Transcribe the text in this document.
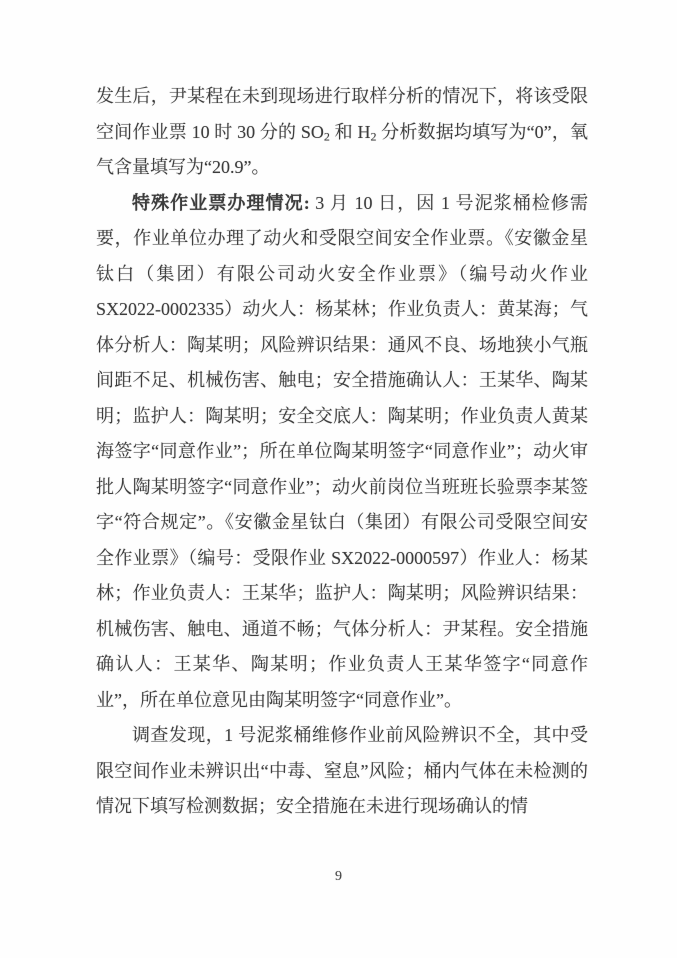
发生后，尹某程在未到现场进行取样分析的情况下，将该受限空间作业票 10 时 30 分的 $SO_2$ 和 $H_2$ 分析数据均填写为“0”，氧气含量填写为“20.9”。

特殊作业票办理情况: 3 月 10 日，因 1 号泥浆桶检修需要，作业单位办理了动火和受限空间安全作业票。《安徽金星钛白（集团）有限公司动火安全作业票》（编号动火作业 SX2022-0002335）动火人：杨某林；作业负责人：黄某海；气体分析人：陶某明；风险辨识结果：通风不良、场地狭小气瓶间距不足、机械伤害、触电；安全措施确认人：王某华、陶某明；监护人：陶某明；安全交底人：陶某明；作业负责人黄某海签字“同意作业”；所在单位陶某明签字“同意作业”；动火审批人陶某明签字“同意作业”；动火前岗位当班班长验票李某签字“符合规定”。《安徽金星钛白（集团）有限公司受限空间安全作业票》（编号：受限作业 SX2022-0000597）作业人：杨某林；作业负责人：王某华；监护人：陶某明；风险辨识结果：机械伤害、触电、通道不畅；气体分析人：尹某程。安全措施确认人：王某华、陶某明；作业负责人王某华签字“同意作业”，所在单位意见由陶某明签字“同意作业”。

调查发现，1 号泥浆桶维修作业前风险辨识不全，其中受限空间作业未辨识出“中毒、窒息”风险；桶内气体在未检测的情况下填写检测数据；安全措施在未进行现场确认的情

9
